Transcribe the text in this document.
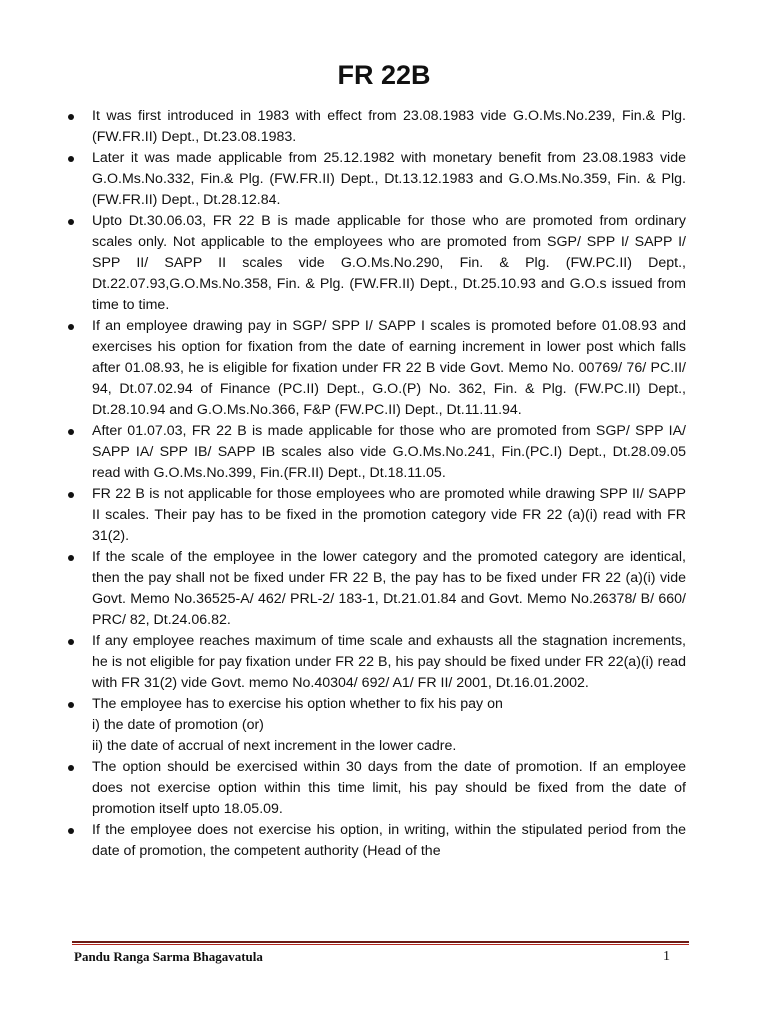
FR 22B
It was first introduced in 1983 with effect from 23.08.1983 vide G.O.Ms.No.239, Fin.& Plg. (FW.FR.II) Dept., Dt.23.08.1983.
Later it was made applicable from 25.12.1982 with monetary benefit from 23.08.1983 vide G.O.Ms.No.332, Fin.& Plg. (FW.FR.II) Dept., Dt.13.12.1983 and G.O.Ms.No.359, Fin. & Plg. (FW.FR.II) Dept., Dt.28.12.84.
Upto Dt.30.06.03, FR 22 B is made applicable for those who are promoted from ordinary scales only. Not applicable to the employees who are promoted from SGP/ SPP I/ SAPP I/ SPP II/ SAPP II scales vide G.O.Ms.No.290, Fin. & Plg. (FW.PC.II) Dept., Dt.22.07.93,G.O.Ms.No.358, Fin. & Plg. (FW.FR.II) Dept., Dt.25.10.93 and G.O.s issued from time to time.
If an employee drawing pay in SGP/ SPP I/ SAPP I scales is promoted before 01.08.93 and exercises his option for fixation from the date of earning increment in lower post which falls after 01.08.93, he is eligible for fixation under FR 22 B vide Govt. Memo No. 00769/ 76/ PC.II/ 94, Dt.07.02.94 of Finance (PC.II) Dept., G.O.(P) No. 362, Fin. & Plg. (FW.PC.II) Dept., Dt.28.10.94 and G.O.Ms.No.366, F&P (FW.PC.II) Dept., Dt.11.11.94.
After 01.07.03, FR 22 B is made applicable for those who are promoted from SGP/ SPP IA/ SAPP IA/ SPP IB/ SAPP IB scales also vide G.O.Ms.No.241, Fin.(PC.I) Dept., Dt.28.09.05 read with G.O.Ms.No.399, Fin.(FR.II) Dept., Dt.18.11.05.
FR 22 B is not applicable for those employees who are promoted while drawing SPP II/ SAPP II scales. Their pay has to be fixed in the promotion category vide FR 22 (a)(i) read with FR 31(2).
If the scale of the employee in the lower category and the promoted category are identical, then the pay shall not be fixed under FR 22 B, the pay has to be fixed under FR 22 (a)(i) vide Govt. Memo No.36525-A/ 462/ PRL-2/ 183-1, Dt.21.01.84 and Govt. Memo No.26378/ B/ 660/ PRC/ 82, Dt.24.06.82.
If any employee reaches maximum of time scale and exhausts all the stagnation increments, he is not eligible for pay fixation under FR 22 B, his pay should be fixed under FR 22(a)(i) read with FR 31(2) vide Govt. memo No.40304/ 692/ A1/ FR II/ 2001, Dt.16.01.2002.
The employee has to exercise his option whether to fix his pay on
i) the date of promotion (or)
ii) the date of accrual of next increment in the lower cadre.
The option should be exercised within 30 days from the date of promotion. If an employee does not exercise option within this time limit, his pay should be fixed from the date of promotion itself upto 18.05.09.
If the employee does not exercise his option, in writing, within the stipulated period from the date of promotion, the competent authority (Head of the
Pandu Ranga Sarma Bhagavatula	1
